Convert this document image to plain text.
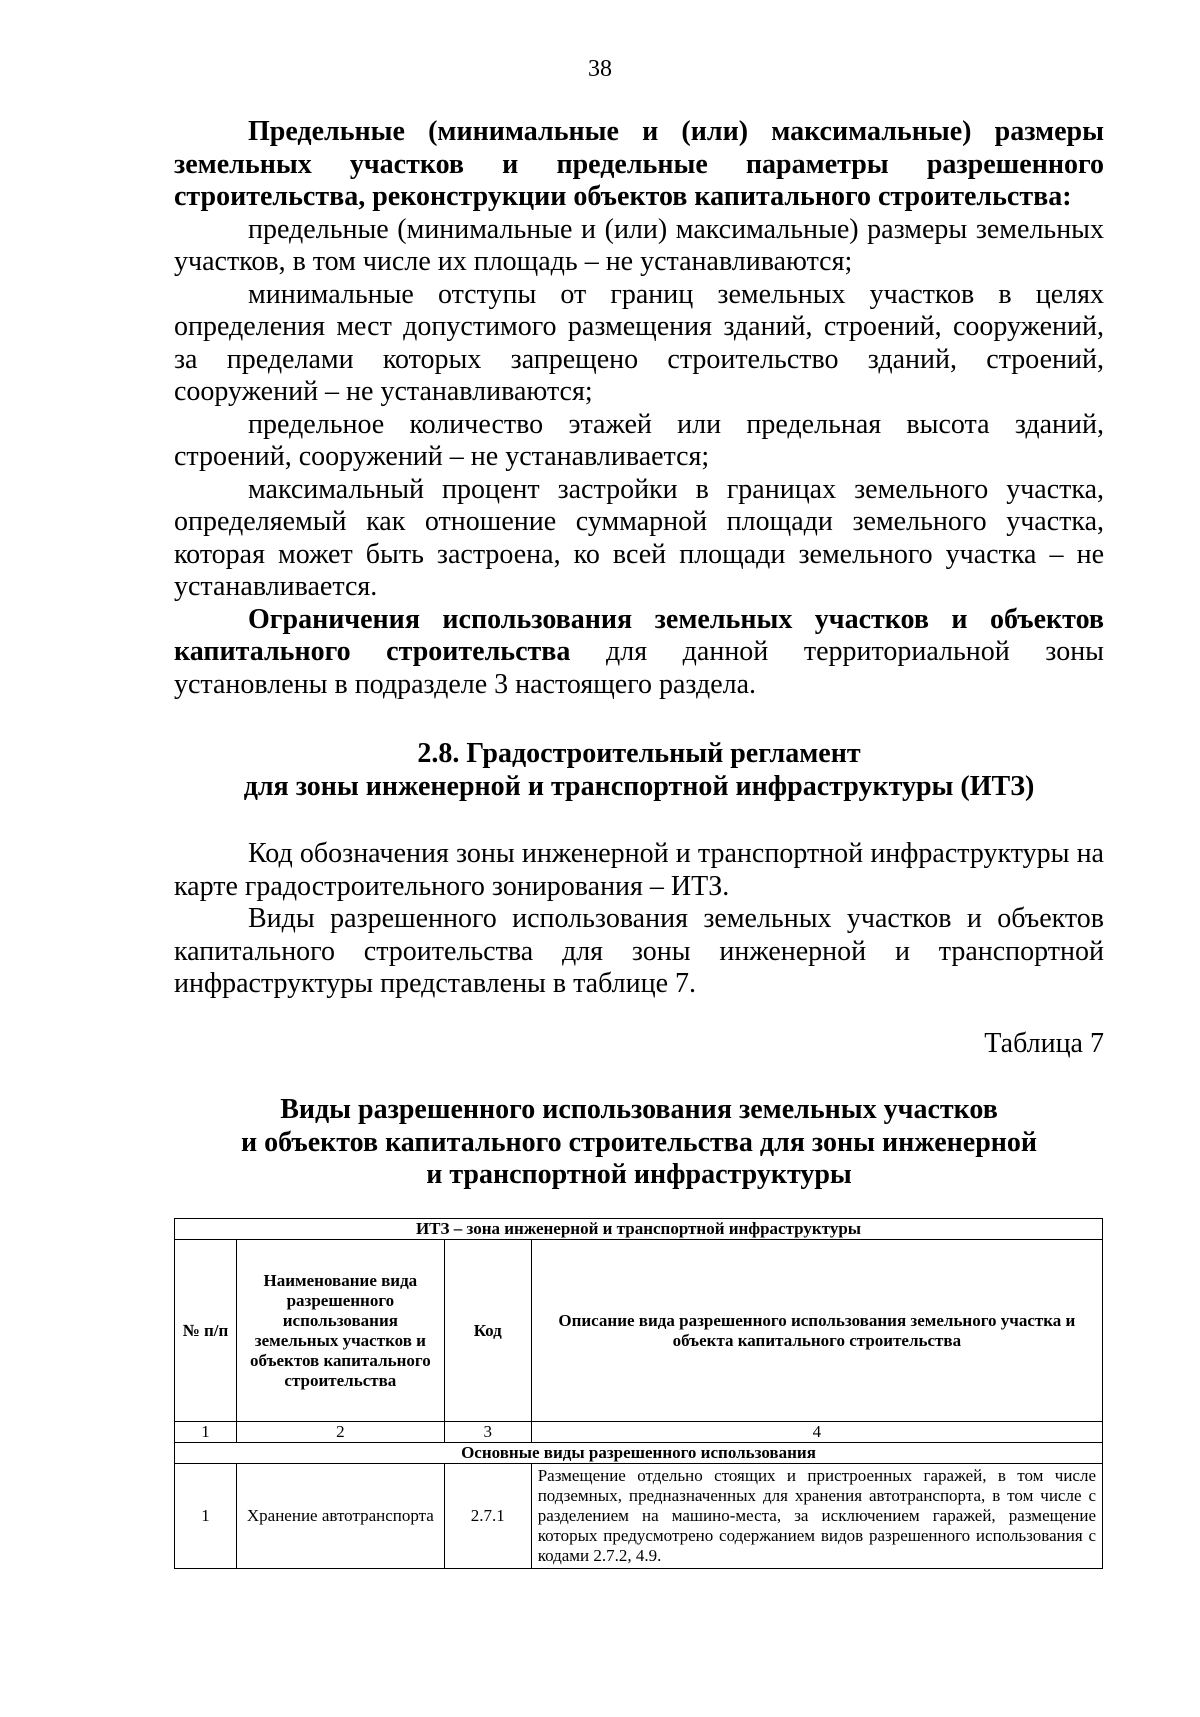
38

Предельные (минимальные и (или) максимальные) размеры земельных участков и предельные параметры разрешенного строительства, реконструкции объектов капитального строительства:

предельные (минимальные и (или) максимальные) размеры земельных участков, в том числе их площадь – не устанавливаются;

минимальные отступы от границ земельных участков в целях определения мест допустимого размещения зданий, строений, сооружений, за пределами которых запрещено строительство зданий, строений, сооружений – не устанавливаются;

предельное количество этажей или предельная высота зданий, строений, сооружений – не устанавливается;

максимальный процент застройки в границах земельного участка, определяемый как отношение суммарной площади земельного участка, которая может быть застроена, ко всей площади земельного участка – не устанавливается.

Ограничения использования земельных участков и объектов капитального строительства для данной территориальной зоны установлены в подразделе 3 настоящего раздела.

2.8. Градостроительный регламент

для зоны инженерной и транспортной инфраструктуры (ИТЗ)

Код обозначения зоны инженерной и транспортной инфраструктуры на карте градостроительного зонирования – ИТЗ.

Виды разрешенного использования земельных участков и объектов капитального строительства для зоны инженерной и транспортной инфраструктуры представлены в таблице 7.

Таблица 7

Виды разрешенного использования земельных участков

и объектов капитального строительства для зоны инженерной

и транспортной инфраструктуры

ИТЗ – зона инженерной и транспортной инфраструктуры			
№ п/п	Наименование вида разрешенного использования земельных участков и объектов капитального строительства	Код	Описание вида разрешенного использования земельного участка и объекта капитального строительства
1	2	3	4
Основные виды разрешенного использования			
1	Хранение автотранспорта	2.7.1	Размещение отдельно стоящих и пристроенных гаражей, в том числе подземных, предназначенных для хранения автотранспорта, в том числе с разделением на машино-места, за исключением гаражей, размещение которых предусмотрено содержанием видов разрешенного использования с кодами 2.7.2, 4.9.
